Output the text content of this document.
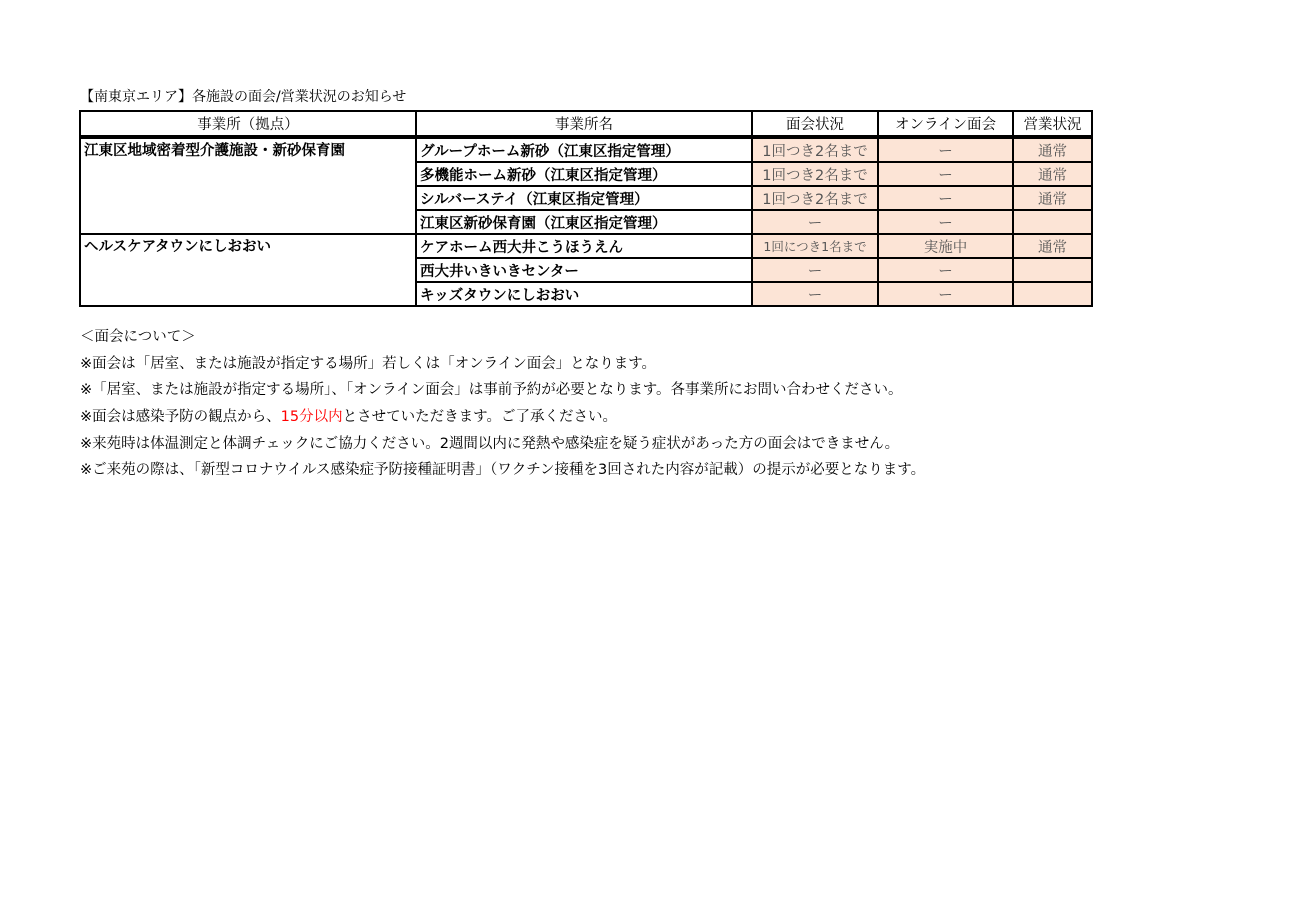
【南東京エリア】各施設の面会/営業状況のお知らせ
事業所（拠点）	事業所名	面会状況	オンライン面会	営業状況
江東区地域密着型介護施設・新砂保育園	グループホーム新砂（江東区指定管理）	1回つき2名まで	ー	通常
	多機能ホーム新砂（江東区指定管理）	1回つき2名まで	ー	通常
	シルバーステイ（江東区指定管理）	1回つき2名まで	ー	通常
	江東区新砂保育園（江東区指定管理）	ー	ー	
ヘルスケアタウンにしおおい	ケアホーム西大井こうほうえん	1回につき1名まで	実施中	通常
	西大井いきいきセンター	ー	ー	
	キッズタウンにしおおい	ー	ー	
＜面会について＞
※面会は「居室、または施設が指定する場所」若しくは「オンライン面会」となります。
※「居室、または施設が指定する場所」、「オンライン面会」は事前予約が必要となります。各事業所にお問い合わせください。
※面会は感染予防の観点から、15分以内とさせていただきます。ご了承ください。
※来苑時は体温測定と体調チェックにご協力ください。2週間以内に発熱や感染症を疑う症状があった方の面会はできません。
※ご来苑の際は、「新型コロナウイルス感染症予防接種証明書」（ワクチン接種を3回された内容が記載）の提示が必要となります。
